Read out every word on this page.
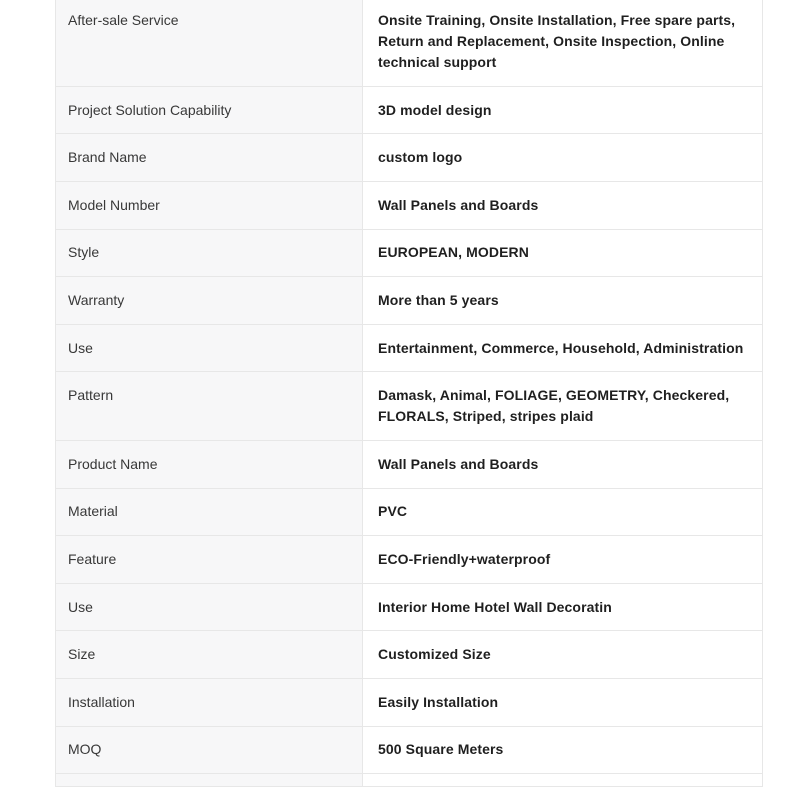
After-sale Service	Onsite Training, Onsite Installation, Free spare parts, Return and Replacement, Onsite Inspection, Online technical support
Project Solution Capability	3D model design
Brand Name	custom logo
Model Number	Wall Panels and Boards
Style	EUROPEAN, MODERN
Warranty	More than 5 years
Use	Entertainment, Commerce, Household, Administration
Pattern	Damask, Animal, FOLIAGE, GEOMETRY, Checkered, FLORALS, Striped, stripes plaid
Product Name	Wall Panels and Boards
Material	PVC
Feature	ECO-Friendly+waterproof
Use	Interior Home Hotel Wall Decoratin
Size	Customized Size
Installation	Easily Installation
MOQ	500 Square Meters
